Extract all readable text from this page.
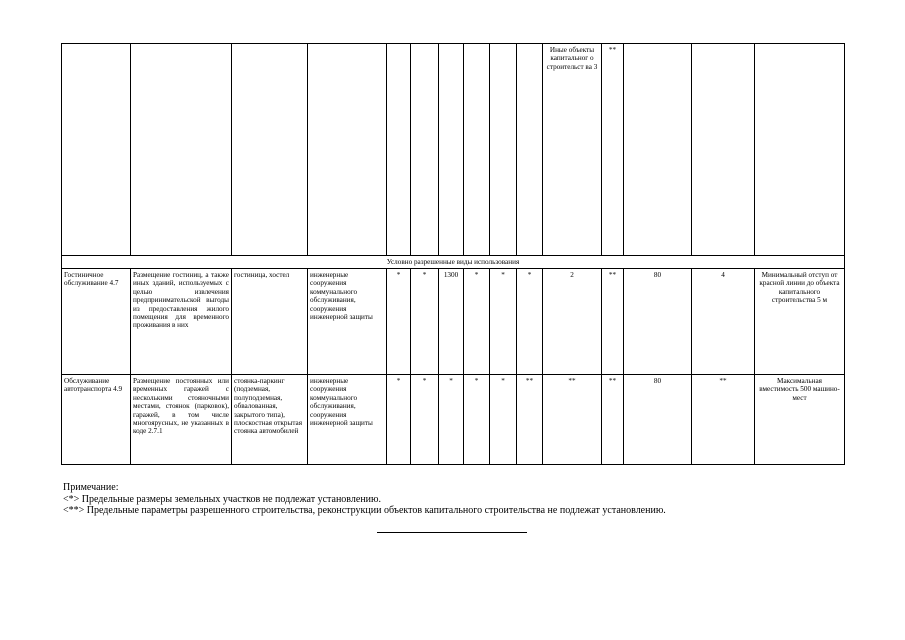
										Иные объекты капитальног о строительст ва 3	**			
Условно разрешенные виды использования														
Гостиничное обслуживание 4.7	Размещение гостиниц, а также иных зданий, используемых с целью извлечения предпринимательской выгоды из предоставления жилого помещения для временного проживания в них	гостиница, хостел	инженерные сооружения коммунального обслуживания, сооружения инженерной защиты	*	*	1300	*	*	*	2	**	80	4	Минимальный отступ от красной линии до объекта капитального строительства 5 м
Обслуживание автотранспорта 4.9	Размещение постоянных или временных гаражей с несколькими стояночными местами, стоянок (парковок), гаражей, в том числе многоярусных, не указанных в коде 2.7.1	стоянка-паркинг (подземная, полуподземная, обвалованная, закрытого типа), плоскостная открытая стоянка автомобилей	инженерные сооружения коммунального обслуживания, сооружения инженерной защиты	*	*	*	*	*	**	**	**	80	**	Максимальная вместимость 500 машино-мест
Примечание:
<*> Предельные размеры земельных участков не подлежат установлению.
<**> Предельные параметры разрешенного строительства, реконструкции объектов капитального строительства не подлежат установлению.
